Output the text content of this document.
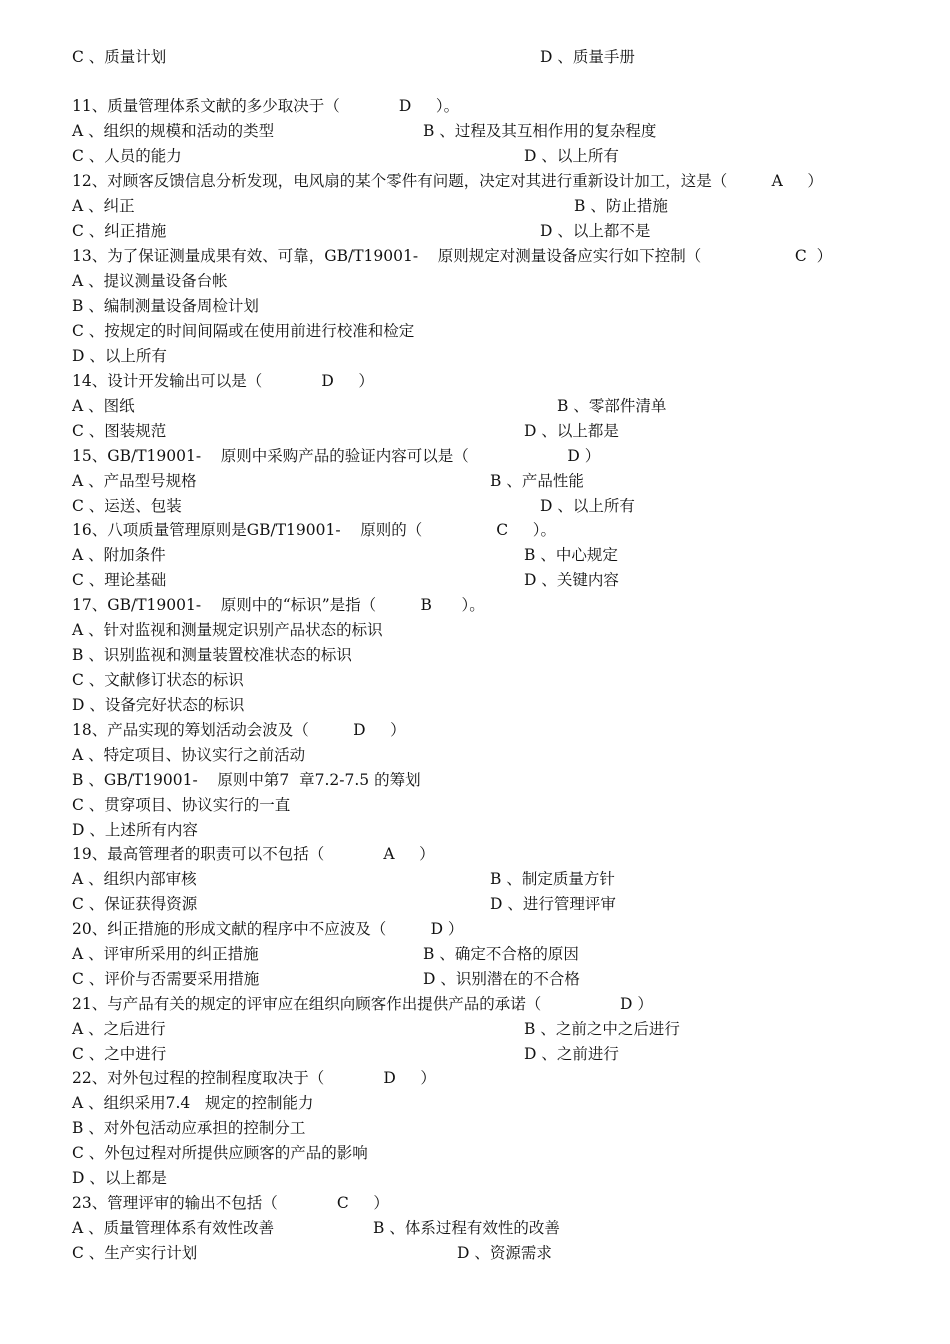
C 、质量计划	D 、质量手册
11、质量管理体系文献的多少取决于（            D     ）。
A 、组织的规模和活动的类型	B 、过程及其互相作用的复杂程度
C 、人员的能力	D 、以上所有
12、对顾客反馈信息分析发现，电风扇的某个零件有问题，决定对其进行重新设计加工，这是（         A     ）
A 、纠正	B 、防止措施
C 、纠正措施	D 、以上都不是
13、为了保证测量成果有效、可靠，GB/T19001-    原则规定对测量设备应实行如下控制（                   C  ）
A 、提议测量设备台帐
B 、编制测量设备周检计划
C 、按规定的时间间隔或在使用前进行校准和检定
D 、以上所有
14、设计开发输出可以是（            D     ）
A 、图纸	B 、零部件清单
C 、图装规范	D 、以上都是
15、GB/T19001-    原则中采购产品的验证内容可以是（                    D ）
A 、产品型号规格	B 、产品性能
C 、运送、包装	D 、以上所有
16、八项质量管理原则是GB/T19001-    原则的（               C     ）。
A 、附加条件	B 、中心规定
C 、理论基础	D 、关键内容
17、GB/T19001-    原则中的“标识”是指（         B      ）。
A 、针对监视和测量规定识别产品状态的标识
B 、识别监视和测量装置校准状态的标识
C 、文献修订状态的标识
D 、设备完好状态的标识
18、产品实现的筹划活动会波及（         D     ）
A 、特定项目、协议实行之前活动
B 、GB/T19001-    原则中第7  章7.2-7.5 的筹划
C 、贯穿项目、协议实行的一直
D 、上述所有内容
19、最高管理者的职责可以不包括（            A     ）
A 、组织内部审核	B 、制定质量方针
C 、保证获得资源	D 、进行管理评审
20、纠正措施的形成文献的程序中不应波及（         D ）
A 、评审所采用的纠正措施	B 、确定不合格的原因
C 、评价与否需要采用措施	D 、识别潜在的不合格
21、与产品有关的规定的评审应在组织向顾客作出提供产品的承诺（                D ）
A 、之后进行	B 、之前之中之后进行
C 、之中进行	D 、之前进行
22、对外包过程的控制程度取决于（            D     ）
A 、组织采用7.4   规定的控制能力
B 、对外包活动应承担的控制分工
C 、外包过程对所提供应顾客的产品的影响
D 、以上都是
23、管理评审的输出不包括（            C     ）
A 、质量管理体系有效性改善	B 、体系过程有效性的改善
C 、生产实行计划	D 、资源需求
